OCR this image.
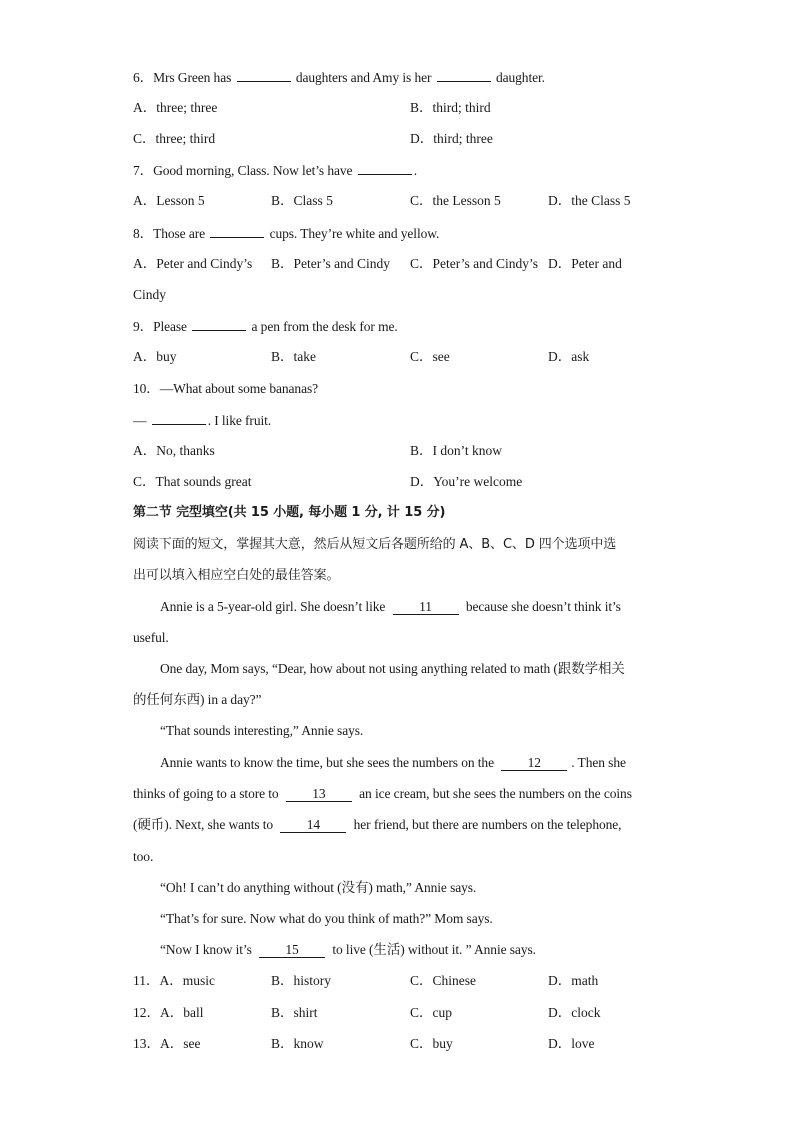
6．Mrs Green has	daughters and Amy is her	daughter.
A．three; three	B．third; third
C．three; third	D．third; three
7．Good morning, Class. Now let’s have	.
A．Lesson 5	B．Class 5	C．the Lesson 5	D．the Class 5
8．Those are	cups. They’re white and yellow.
A．Peter and Cindy’s B．Peter’s and Cindy C．Peter’s and Cindy’s D．Peter and
Cindy
9．Please	a pen from the desk for me.
A．buy	B．take	C．see	D．ask
10．—What about some bananas?
—	. I like fruit.
A．No, thanks	B．I don’t know
C．That sounds great	D．You’re welcome
第二节 完型填空(共 15 小题, 每小题 1 分, 计 15 分)
阅读下面的短文，掌握其大意，然后从短文后各题所给的 A、B、C、D 四个选项中选
出可以填入相应空白处的最佳答案。
Annie is a 5-year-old girl. She doesn’t like	11	because she doesn’t think it’s
useful.
One day, Mom says, “Dear, how about not using anything related to math (跟数学相关
的任何东西) in a day?”
“That sounds interesting,” Annie says.
Annie wants to know the time, but she sees the numbers on the 12 . Then she
thinks of going to a store to 13 an ice cream, but she sees the numbers on the coins
(硬币). Next, she wants to 14 her friend, but there are numbers on the telephone,
too.
“Oh! I can’t do anything without (没有) math,” Annie says.
“That’s for sure. Now what do you think of math?” Mom says.
“Now I know it’s 15 to live (生活) without it. ” Annie says.
11．A．music	B．history	C．Chinese	D．math
12．A．ball	B．shirt	C．cup	D．clock
13．A．see	B．know	C．buy	D．love
